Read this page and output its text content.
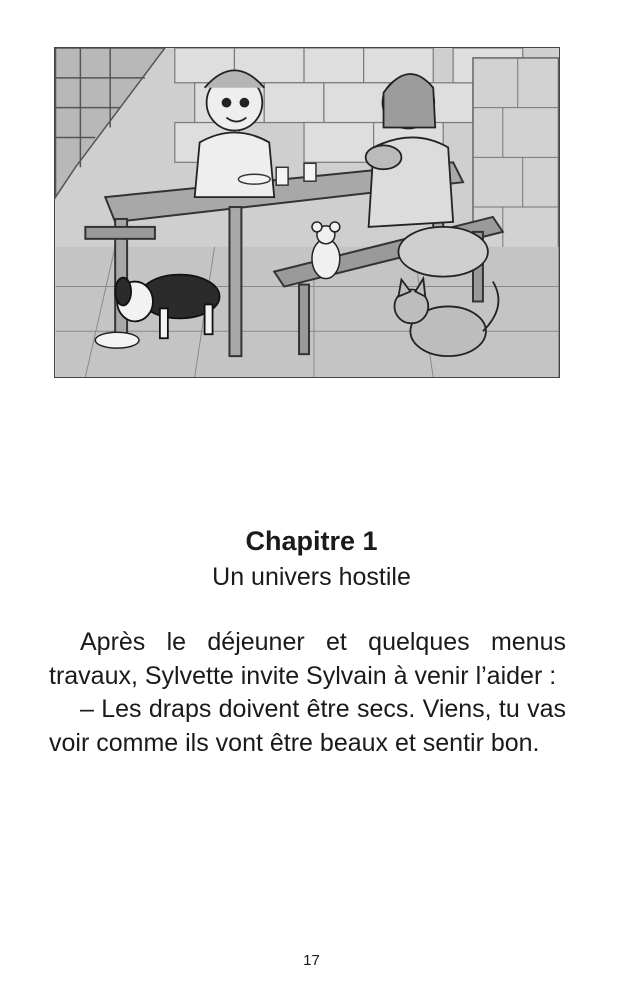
Chapitre 1
Un univers hostile

Après le déjeuner et quelques menus travaux, Sylvette invite Sylvain à venir l’aider :

– Les draps doivent être secs. Viens, tu vas voir comme ils vont être beaux et sentir bon.

17
